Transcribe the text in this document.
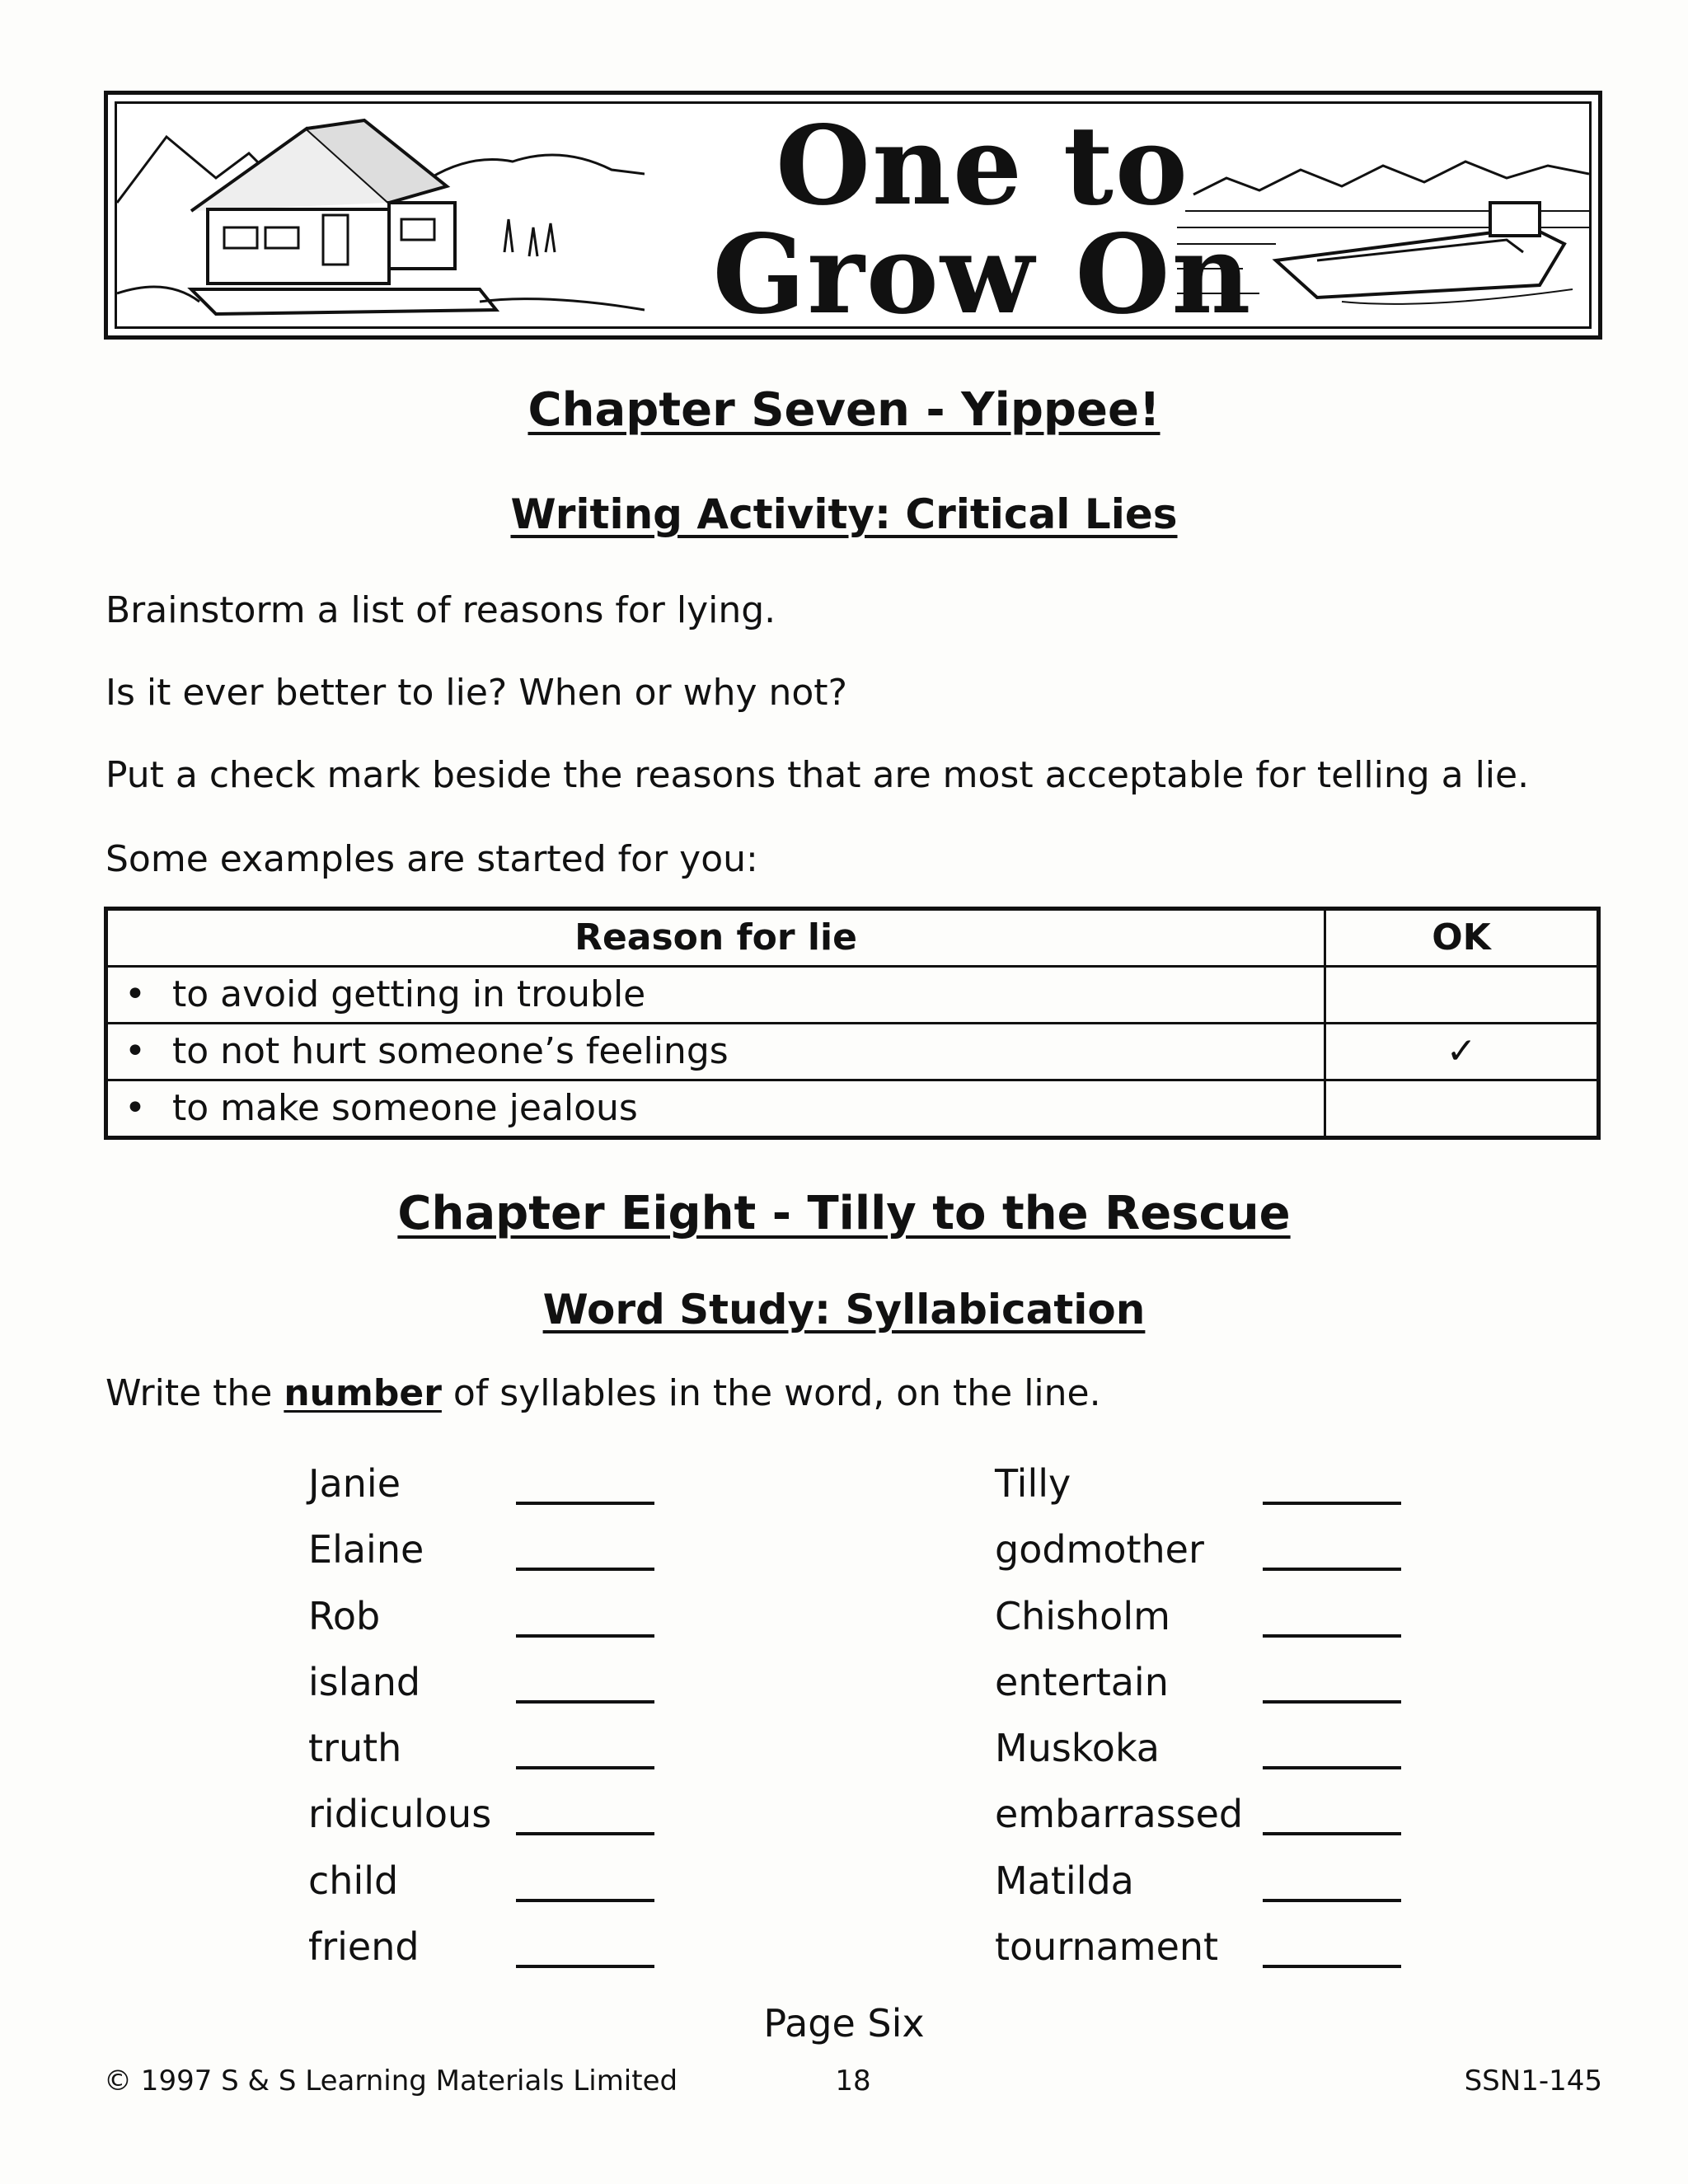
One to
Grow On
Chapter Seven - Yippee!
Writing Activity: Critical Lies
Brainstorm a list of reasons for lying.
Is it ever better to lie? When or why not?
Put a check mark beside the reasons that are most acceptable for telling a lie.
Some examples are started for you:
Reason for lie	OK
• to avoid getting in trouble	
• to not hurt someone’s feelings	✓
• to make someone jealous	
Chapter Eight - Tilly to the Rescue
Word Study: Syllabication
Write the number of syllables in the word, on the line.
Janie
Elaine
Rob
island
truth
ridiculous
child
friend
Tilly
godmother
Chisholm
entertain
Muskoka
embarrassed
Matilda
tournament
Page Six
© 1997 S & S Learning Materials Limited	18	SSN1-145
